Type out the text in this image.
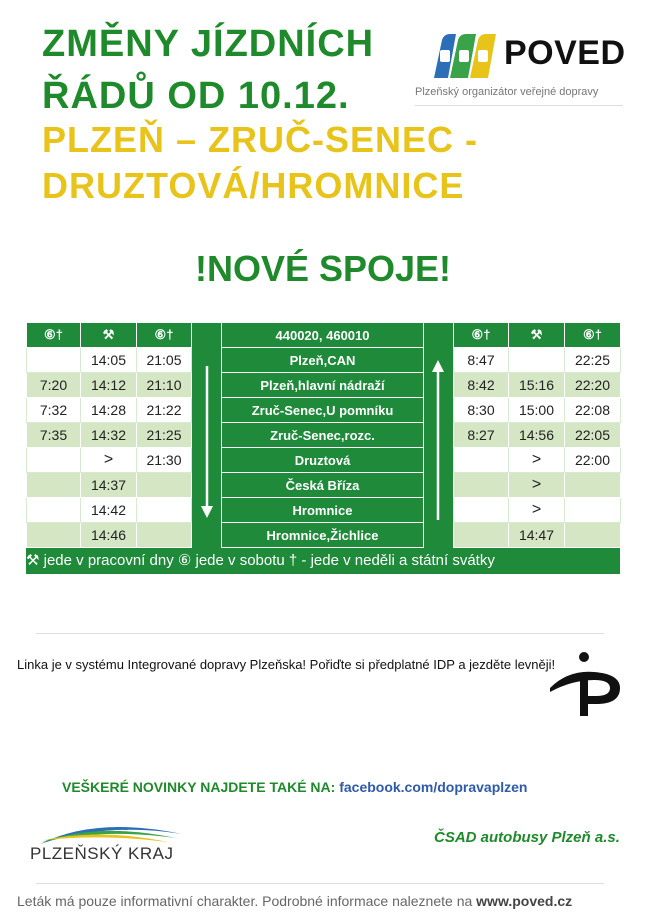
ZMĚNY JÍZDNÍCH
ŘÁDŮ OD 10.12.
PLZEŇ – ZRUČ-SENEC -
DRUZTOVÁ/HROMNICE
!NOVÉ SPOJE!
POVED
Plzeňský organizátor veřejné dopravy
⑥†	⚒	⑥†		440020, 460010		⑥†	⚒	⑥†
	14:05	21:05		Plzeň,CAN		8:47		22:25
7:20	14:12	21:10		Plzeň,hlavní nádraží		8:42	15:16	22:20
7:32	14:28	21:22		Zruč-Senec,U pomníku		8:30	15:00	22:08
7:35	14:32	21:25		Zruč-Senec,rozc.		8:27	14:56	22:05
	>	21:30		Druztová			>	22:00
	14:37			Česká Bříza			>	
	14:42			Hromnice			>	
	14:46			Hromnice,Žichlice			14:47	
⚒ jede v pracovní dny ⑥ jede v sobotu † - jede v neděli a státní svátky
Linka je v systému Integrované dopravy Plzeňska! Pořiďte si předplatné IDP a jezděte levněji!
VEŠKERÉ NOVINKY NAJDETE TAKÉ NA: facebook.com/dopravaplzen
PLZEŇSKÝ KRAJ
ČSAD autobusy Plzeň a.s.
Leták má pouze informativní charakter. Podrobné informace naleznete na www.poved.cz
